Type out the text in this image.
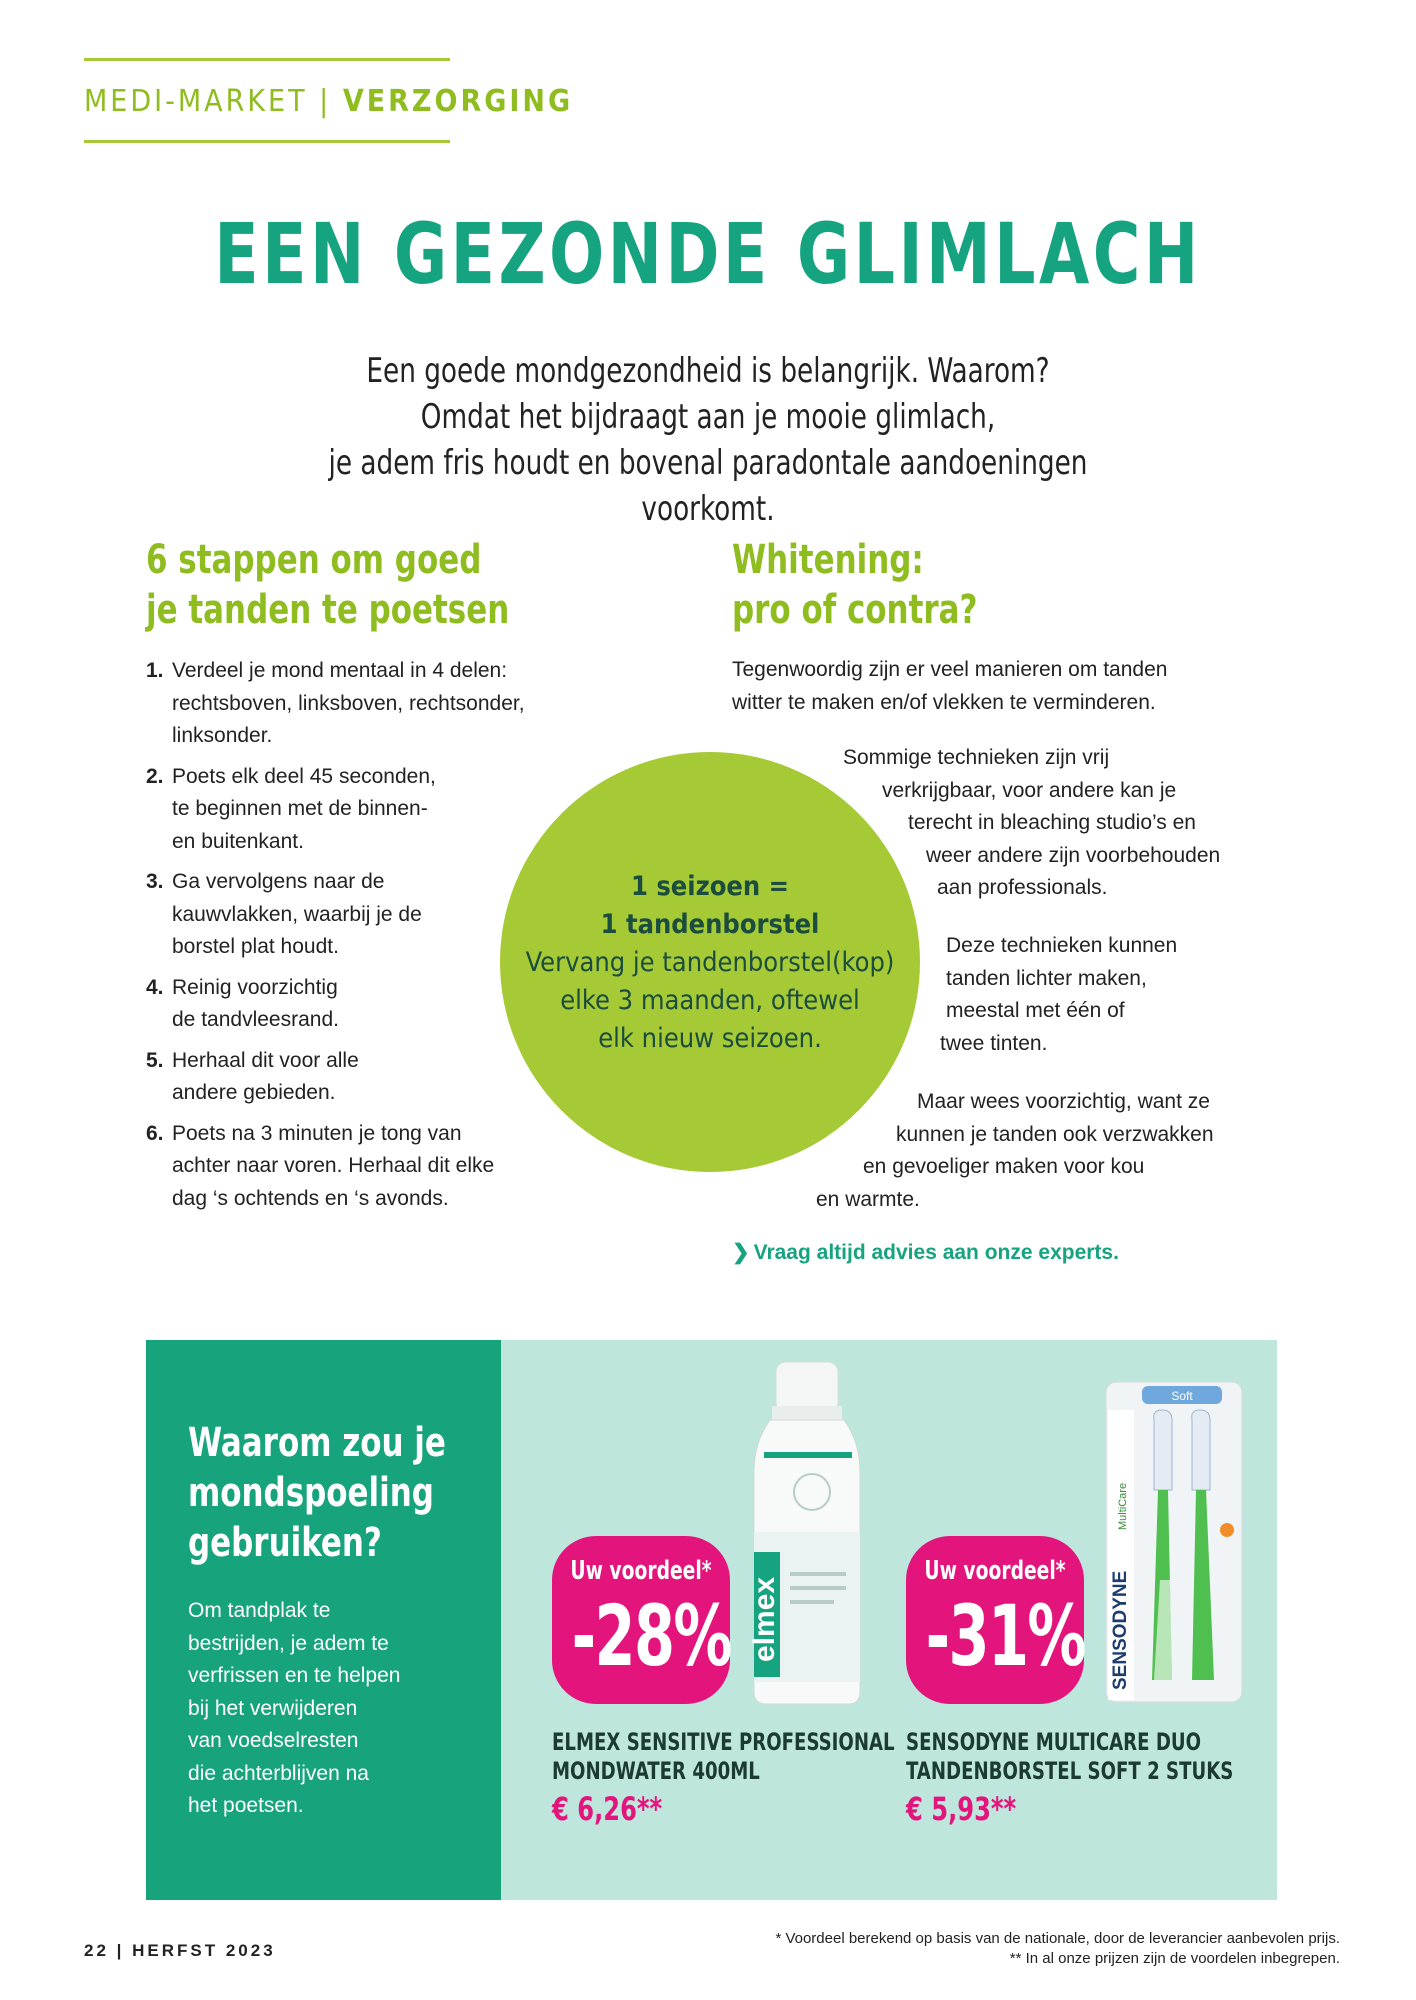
MEDI-MARKET | VERZORGING
EEN GEZONDE GLIMLACH
Een goede mondgezondheid is belangrijk. Waarom?
Omdat het bijdraagt aan je mooie glimlach,
je adem fris houdt en bovenal paradontale aandoeningen voorkomt.
6 stappen om goed
je tanden te poetsen
1. Verdeel je mond mentaal in 4 delen:
rechtsboven, linksboven, rechtsonder,
linksonder.
2. Poets elk deel 45 seconden,
te beginnen met de binnen-
en buitenkant.
3. Ga vervolgens naar de
kauwvlakken, waarbij je de
borstel plat houdt.
4. Reinig voorzichtig
de tandvleesrand.
5. Herhaal dit voor alle
andere gebieden.
6. Poets na 3 minuten je tong van
achter naar voren. Herhaal dit elke
dag ‘s ochtends en ‘s avonds.
1 seizoen =
1 tandenborstel
Vervang je tandenborstel(kop)
elke 3 maanden, oftewel
elk nieuw seizoen.
Whitening:
pro of contra?
Tegenwoordig zijn er veel manieren om tanden
witter te maken en/of vlekken te verminderen.
Sommige technieken zijn vrij
verkrijgbaar, voor andere kan je
terecht in bleaching studio’s en
weer andere zijn voorbehouden
aan professionals.
Deze technieken kunnen
tanden lichter maken,
meestal met één of
twee tinten.
Maar wees voorzichtig, want ze
kunnen je tanden ook verzwakken
en gevoeliger maken voor kou
en warmte.
❯ Vraag altijd advies aan onze experts.
Waarom zou je
mondspoeling
gebruiken?
Om tandplak te
bestrijden, je adem te
verfrissen en te helpen
bij het verwijderen
van voedselresten
die achterblijven na
het poetsen.
Uw voordeel*
-28% elmex
ELMEX SENSITIVE PROFESSIONAL
MONDWATER 400ML
€ 6,26**
Uw voordeel*
-31%
Soft
SENSODYNE
MultiCare
SENSODYNE MULTICARE DUO
TANDENBORSTEL SOFT 2 STUKS
€ 5,93**
22 | HERFST 2023
* Voordeel berekend op basis van de nationale, door de leverancier aanbevolen prijs.
** In al onze prijzen zijn de voordelen inbegrepen.
